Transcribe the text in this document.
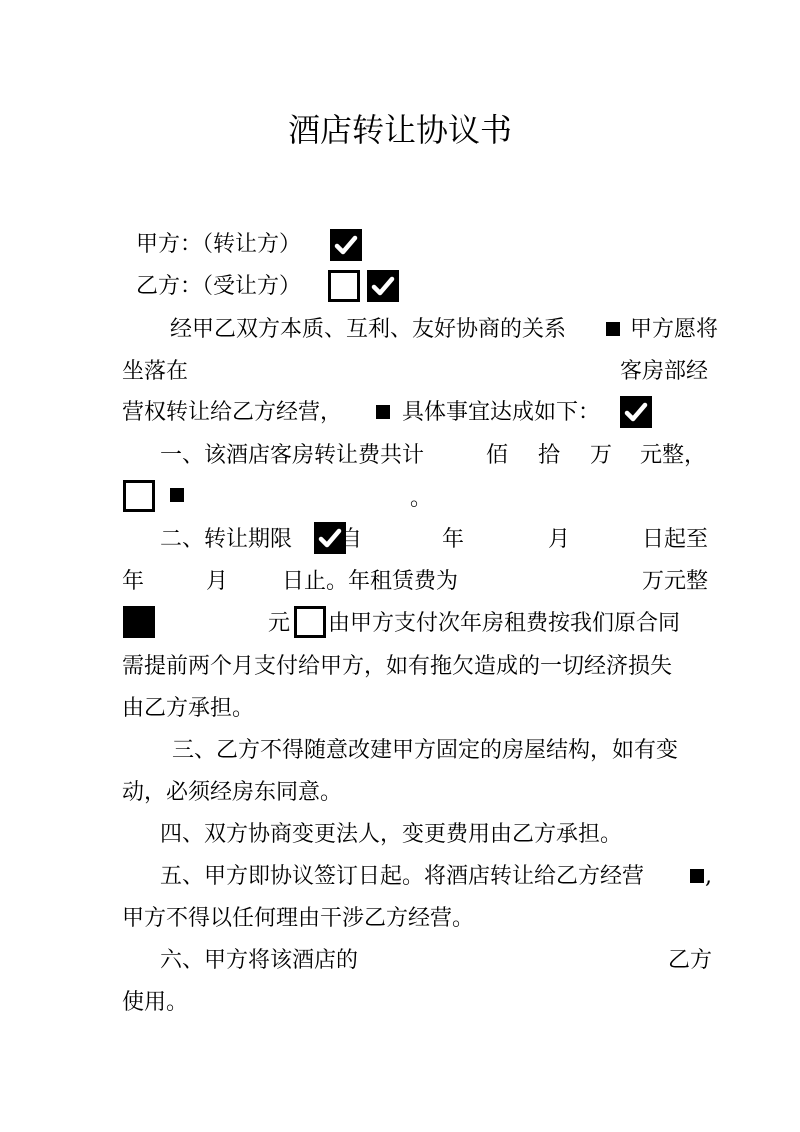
酒店转让协议书
甲方：（转让方）
乙方：（受让方）
经甲乙双方本质、互利、友好协商的关系	甲方愿将
坐落在	客房部经
营权转让给乙方经营，	具体事宜达成如下：
一、该酒店客房转让费共计	佰 拾 万 元整，
。
二、转让期限 自	年	月	日起至
年	月 日止。年租赁费为	万元整
元 由甲方支付次年房租费按我们原合同
需提前两个月支付给甲方，如有拖欠造成的一切经济损失
由乙方承担。
三、乙方不得随意改建甲方固定的房屋结构，如有变
动，必须经房东同意。
四、双方协商变更法人，变更费用由乙方承担。
五、甲方即协议签订日起。将酒店转让给乙方经营	,
甲方不得以任何理由干涉乙方经营。
六、甲方将该酒店的	乙方
使用。
